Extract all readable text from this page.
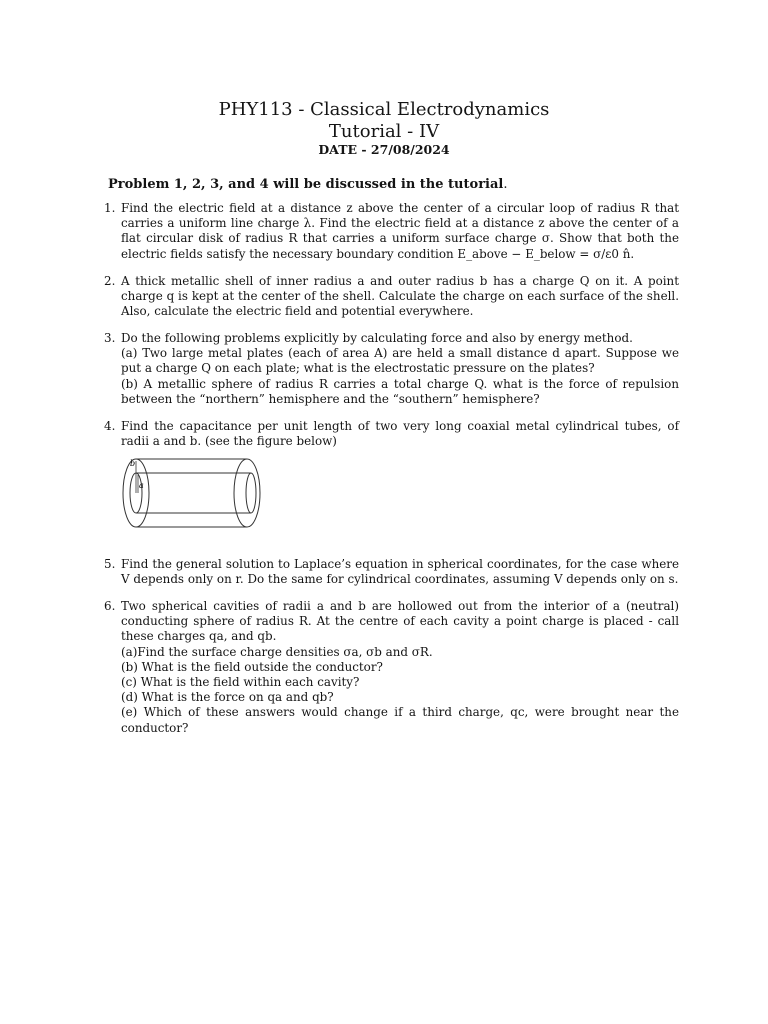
PHY113 - Classical Electrodynamics
Tutorial - IV
DATE - 27/08/2024
Problem 1, 2, 3, and 4 will be discussed in the tutorial.
1. Find the electric field at a distance z above the center of a circular loop of radius R that carries a uniform line charge λ. Find the electric field at a distance z above the center of a flat circular disk of radius R that carries a uniform surface charge σ. Show that both the electric fields satisfy the necessary boundary condition E_above − E_below = σ/ε0 n̂.
2. A thick metallic shell of inner radius a and outer radius b has a charge Q on it. A point charge q is kept at the center of the shell. Calculate the charge on each surface of the shell. Also, calculate the electric field and potential everywhere.
3. Do the following problems explicitly by calculating force and also by energy method.

(a) Two large metal plates (each of area A) are held a small distance d apart. Suppose we put a charge Q on each plate; what is the electrostatic pressure on the plates?

(b) A metallic sphere of radius R carries a total charge Q. what is the force of repulsion between the “northern” hemisphere and the “southern” hemisphere?

4. Find the capacitance per unit length of two very long coaxial metal cylindrical tubes, of radii a and b. (see the figure below)
b
a
5. Find the general solution to Laplace’s equation in spherical coordinates, for the case where V depends only on r. Do the same for cylindrical coordinates, assuming V depends only on s.
6. Two spherical cavities of radii a and b are hollowed out from the interior of a (neutral) conducting sphere of radius R. At the centre of each cavity a point charge is placed - call these charges qa, and qb.

(a)Find the surface charge densities σa, σb and σR.

(b) What is the field outside the conductor?

(c) What is the field within each cavity?

(d) What is the force on qa and qb?

(e) Which of these answers would change if a third charge, qc, were brought near the conductor?
